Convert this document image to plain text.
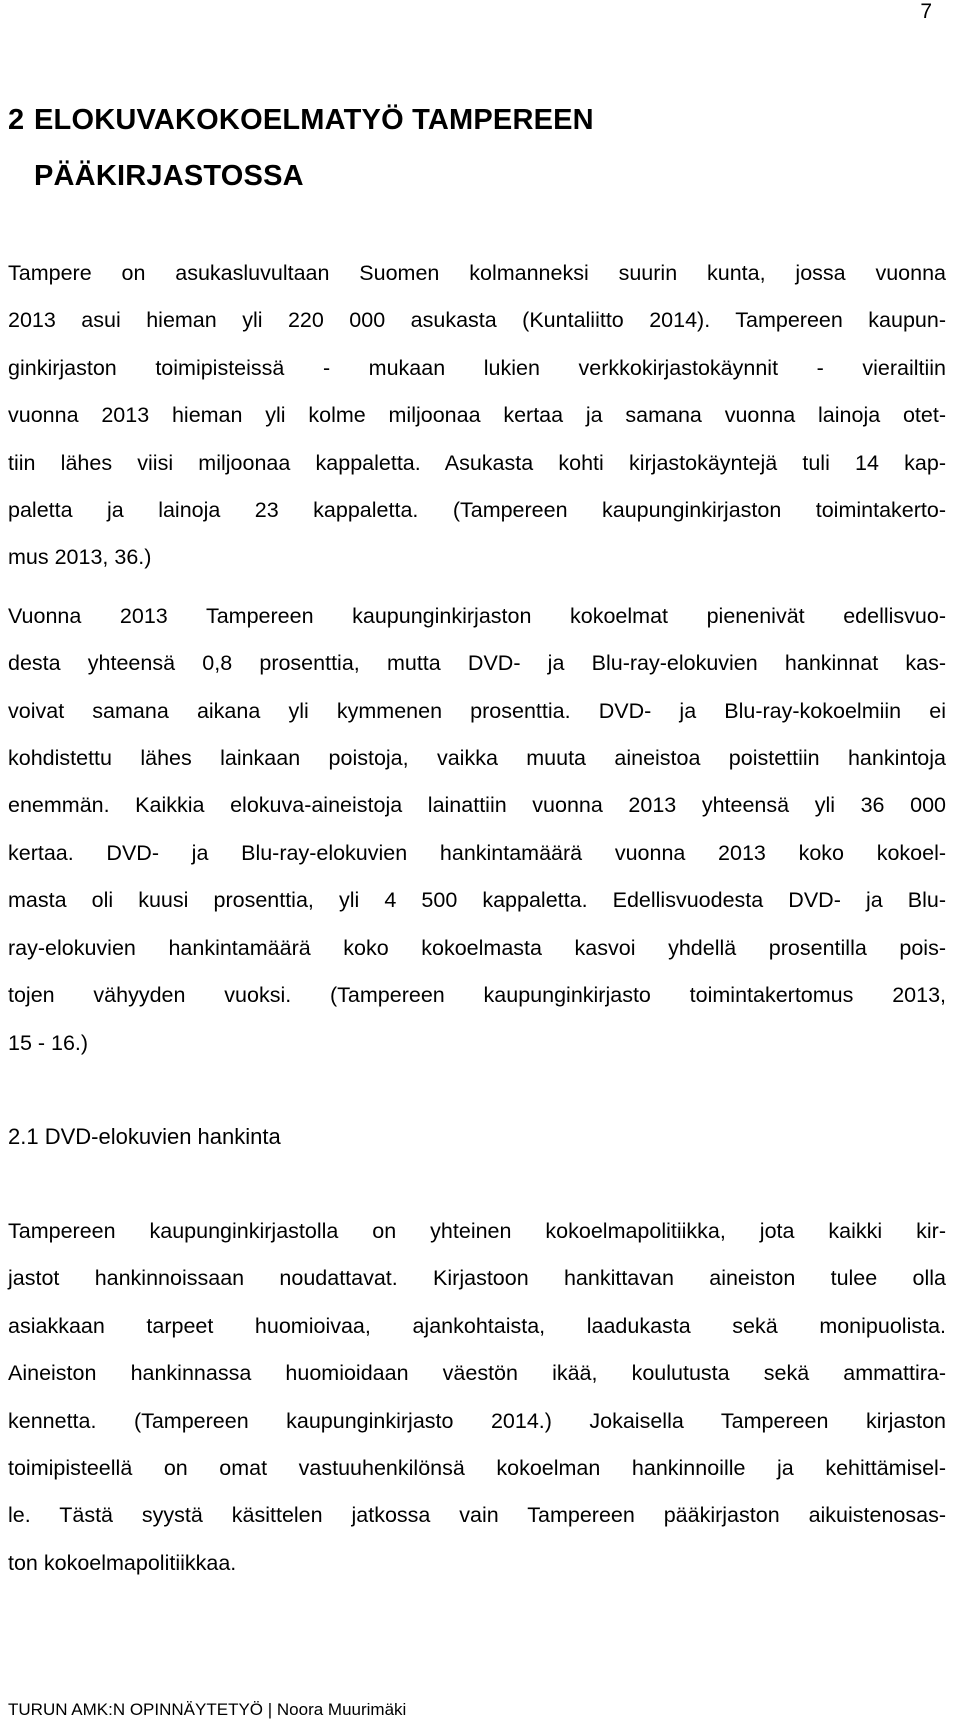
7
2 ELOKUVAKOKOELMATYÖ TAMPEREEN
PÄÄKIRJASTOSSA

Tampere on asukasluvultaan Suomen kolmanneksi suurin kunta, jossa vuonna
2013 asui hieman yli 220 000 asukasta (Kuntaliitto 2014). Tampereen kaupun-
ginkirjaston toimipisteissä - mukaan lukien verkkokirjastokäynnit - vierailtiin
vuonna 2013 hieman yli kolme miljoonaa kertaa ja samana vuonna lainoja otet-
tiin lähes viisi miljoonaa kappaletta. Asukasta kohti kirjastokäyntejä tuli 14 kap-
paletta ja lainoja 23 kappaletta. (Tampereen kaupunginkirjaston toimintakerto-
mus 2013, 36.)

Vuonna 2013 Tampereen kaupunginkirjaston kokoelmat pienenivät edellisvuo-
desta yhteensä 0,8 prosenttia, mutta DVD- ja Blu-ray-elokuvien hankinnat kas-
voivat samana aikana yli kymmenen prosenttia. DVD- ja Blu-ray-kokoelmiin ei
kohdistettu lähes lainkaan poistoja, vaikka muuta aineistoa poistettiin hankintoja
enemmän. Kaikkia elokuva-aineistoja lainattiin vuonna 2013 yhteensä yli 36 000
kertaa. DVD- ja Blu-ray-elokuvien hankintamäärä vuonna 2013 koko kokoel-
masta oli kuusi prosenttia, yli 4 500 kappaletta. Edellisvuodesta DVD- ja Blu-
ray-elokuvien hankintamäärä koko kokoelmasta kasvoi yhdellä prosentilla pois-
tojen vähyyden vuoksi. (Tampereen kaupunginkirjasto toimintakertomus 2013,
15 - 16.)

2.1 DVD-elokuvien hankinta

Tampereen kaupunginkirjastolla on yhteinen kokoelmapolitiikka, jota kaikki kir-
jastot hankinnoissaan noudattavat. Kirjastoon hankittavan aineiston tulee olla
asiakkaan tarpeet huomioivaa, ajankohtaista, laadukasta sekä monipuolista.
Aineiston hankinnassa huomioidaan väestön ikää, koulutusta sekä ammattira-
kennetta. (Tampereen kaupunginkirjasto 2014.) Jokaisella Tampereen kirjaston
toimipisteellä on omat vastuuhenkilönsä kokoelman hankinnoille ja kehittämisel-
le. Tästä syystä käsittelen jatkossa vain Tampereen pääkirjaston aikuistenosas-
ton kokoelmapolitiikkaa.

TURUN AMK:N OPINNÄYTETYÖ | Noora Muurimäki
